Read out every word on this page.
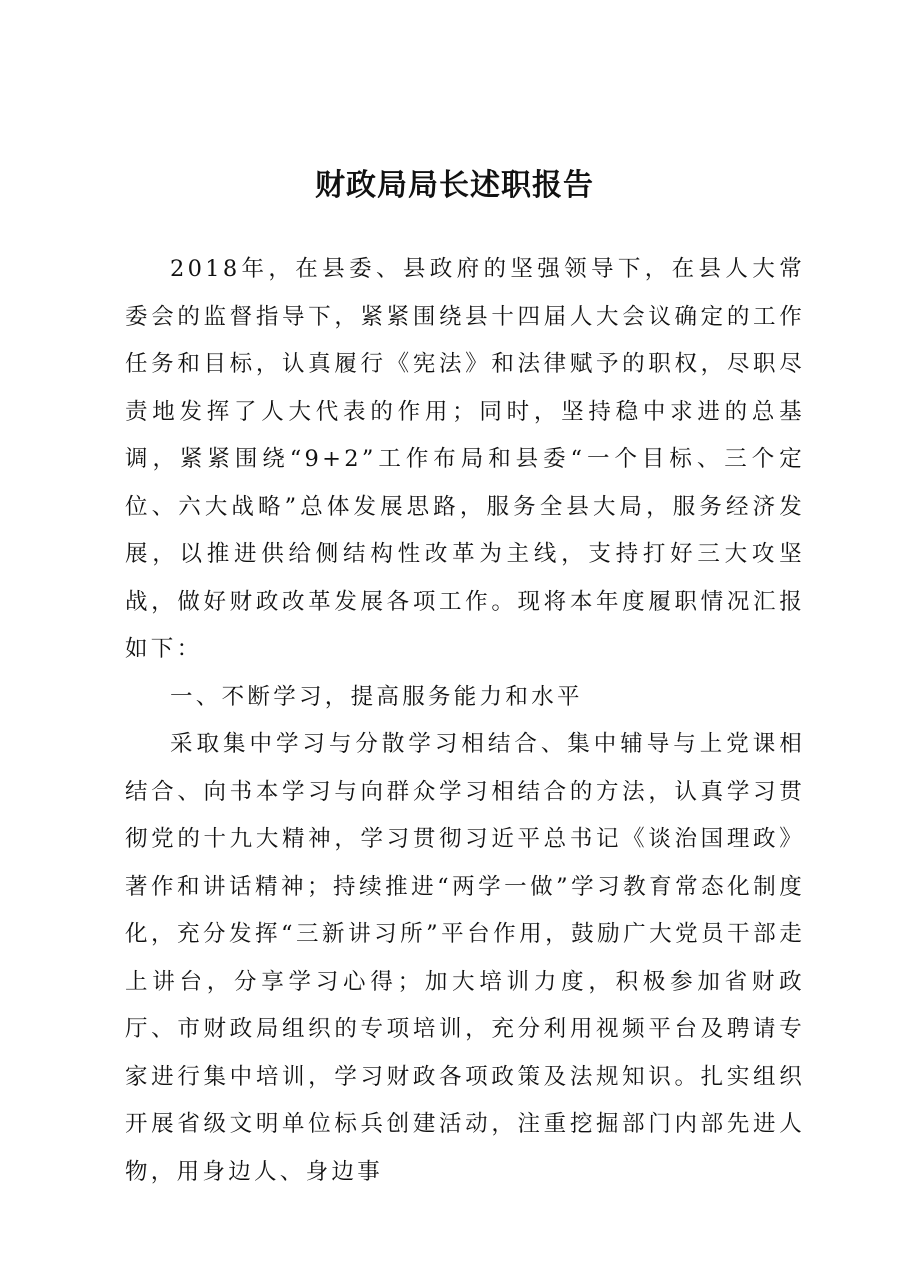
财政局局长述职报告

2018年，在县委、县政府的坚强领导下，在县人大常委会的监督指导下，紧紧围绕县十四届人大会议确定的工作任务和目标，认真履行《宪法》和法律赋予的职权，尽职尽责地发挥了人大代表的作用；同时，坚持稳中求进的总基调，紧紧围绕“9+2”工作布局和县委“一个目标、三个定位、六大战略”总体发展思路，服务全县大局，服务经济发展，以推进供给侧结构性改革为主线，支持打好三大攻坚战，做好财政改革发展各项工作。现将本年度履职情况汇报如下：

一、不断学习，提高服务能力和水平

采取集中学习与分散学习相结合、集中辅导与上党课相结合、向书本学习与向群众学习相结合的方法，认真学习贯彻党的十九大精神，学习贯彻习近平总书记《谈治国理政》著作和讲话精神；持续推进“两学一做”学习教育常态化制度化，充分发挥“三新讲习所”平台作用，鼓励广大党员干部走上讲台，分享学习心得；加大培训力度，积极参加省财政厅、市财政局组织的专项培训，充分利用视频平台及聘请专家进行集中培训，学习财政各项政策及法规知识。扎实组织开展省级文明单位标兵创建活动，注重挖掘部门内部先进人物，用身边人、身边事
